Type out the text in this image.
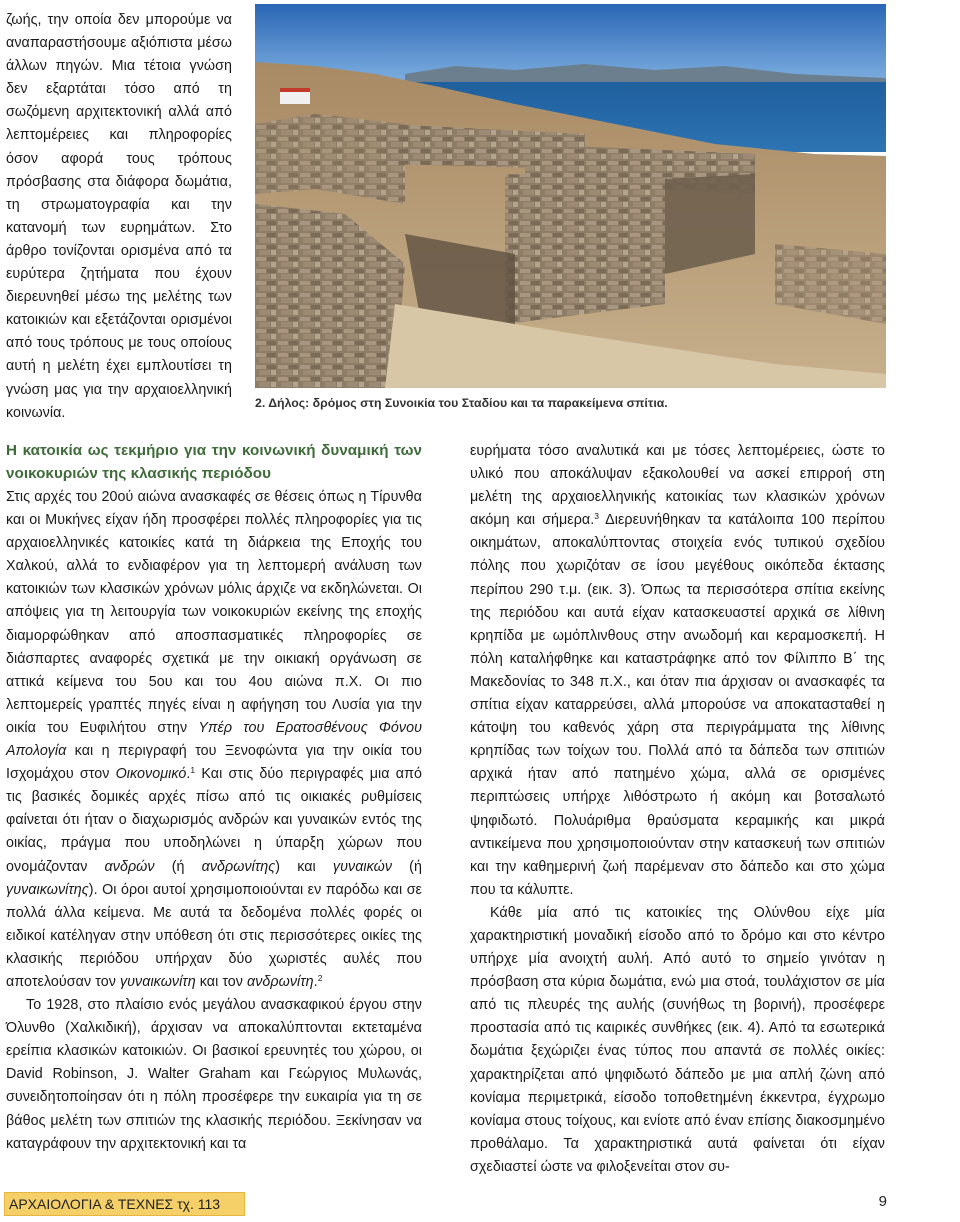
ζωής, την οποία δεν μπορούμε να αναπαραστήσουμε αξιόπιστα μέσω άλλων πηγών. Μια τέτοια γνώση δεν εξαρτάται τόσο από τη σωζόμενη αρχιτεκτονική αλλά από λεπτομέρειες και πληροφορίες όσον αφορά τους τρόπους πρόσβασης στα διάφορα δωμάτια, τη στρωματογραφία και την κατανομή των ευρημάτων. Στο άρθρο τονίζονται ορισμένα από τα ευρύτερα ζητήματα που έχουν διερευνηθεί μέσω της μελέτης των κατοικιών και εξετάζονται ορισμένοι από τους τρόπους με τους οποίους αυτή η μελέτη έχει εμπλουτίσει τη γνώση μας για την αρχαιοελληνική κοινωνία.

2. Δήλος: δρόμος στη Συνοικία του Σταδίου και τα παρακείμενα σπίτια.
Η κατοικία ως τεκμήριο για την κοινωνική δυναμική των νοικοκυριών της κλασικής περιόδου

Στις αρχές του 20ού αιώνα ανασκαφές σε θέσεις όπως η Τίρυνθα και οι Μυκήνες είχαν ήδη προσφέρει πολλές πληροφορίες για τις αρχαιοελληνικές κατοικίες κατά τη διάρκεια της Εποχής του Χαλκού, αλλά το ενδιαφέρον για τη λεπτομερή ανάλυση των κατοικιών των κλασικών χρόνων μόλις άρχιζε να εκδηλώνεται. Οι απόψεις για τη λειτουργία των νοικοκυριών εκείνης της εποχής διαμορφώθηκαν από αποσπασματικές πληροφορίες σε διάσπαρτες αναφορές σχετικά με την οικιακή οργάνωση σε αττικά κείμενα του 5ου και του 4ου αιώνα π.Χ. Οι πιο λεπτομερείς γραπτές πηγές είναι η αφήγηση του Λυσία για την οικία του Ευφιλήτου στην Υπέρ του Ερατοσθένους Φόνου Απολογία και η περιγραφή του Ξενοφώντα για την οικία του Ισχομάχου στον Οικονομικό.$^1$ Και στις δύο περιγραφές μια από τις βασικές δομικές αρχές πίσω από τις οικιακές ρυθμίσεις φαίνεται ότι ήταν ο διαχωρισμός ανδρών και γυναικών εντός της οικίας, πράγμα που υποδηλώνει η ύπαρξη χώρων που ονομάζονταν ανδρών (ή ανδρωνίτης) και γυναικών (ή γυναικωνίτης). Οι όροι αυτοί χρησιμοποιούνται εν παρόδω και σε πολλά άλλα κείμενα. Με αυτά τα δεδομένα πολλές φορές οι ειδικοί κατέληγαν στην υπόθεση ότι στις περισσότερες οικίες της κλασικής περιόδου υπήρχαν δύο χωριστές αυλές που αποτελούσαν τον γυναικωνίτη και τον ανδρωνίτη.$^2$

Το 1928, στο πλαίσιο ενός μεγάλου ανασκαφικού έργου στην Όλυνθο (Χαλκιδική), άρχισαν να αποκαλύπτονται εκτεταμένα ερείπια κλασικών κατοικιών. Οι βασικοί ερευνητές του χώρου, οι David Robinson, J. Walter Graham και Γεώργιος Μυλωνάς, συνειδητοποίησαν ότι η πόλη προσέφερε την ευκαιρία για τη σε βάθος μελέτη των σπιτιών της κλασικής περιόδου. Ξεκίνησαν να καταγράφουν την αρχιτεκτονική και τα

ευρήματα τόσο αναλυτικά και με τόσες λεπτομέρειες, ώστε το υλικό που αποκάλυψαν εξακολουθεί να ασκεί επιρροή στη μελέτη της αρχαιοελληνικής κατοικίας των κλασικών χρόνων ακόμη και σήμερα.$^3$ Διερευνήθηκαν τα κατάλοιπα 100 περίπου οικημάτων, αποκαλύπτοντας στοιχεία ενός τυπικού σχεδίου πόλης που χωριζόταν σε ίσου μεγέθους οικόπεδα έκτασης περίπου 290 τ.μ. (εικ. 3). Όπως τα περισσότερα σπίτια εκείνης της περιόδου και αυτά είχαν κατασκευαστεί αρχικά σε λίθινη κρηπίδα με ωμόπλινθους στην ανωδομή και κεραμοσκεπή. Η πόλη καταλήφθηκε και καταστράφηκε από τον Φίλιππο Β΄ της Μακεδονίας το 348 π.Χ., και όταν πια άρχισαν οι ανασκαφές τα σπίτια είχαν καταρρεύσει, αλλά μπορούσε να αποκατασταθεί η κάτοψη του καθενός χάρη στα περιγράμματα της λίθινης κρηπίδας των τοίχων του. Πολλά από τα δάπεδα των σπιτιών αρχικά ήταν από πατημένο χώμα, αλλά σε ορισμένες περιπτώσεις υπήρχε λιθόστρωτο ή ακόμη και βοτσαλωτό ψηφιδωτό. Πολυάριθμα θραύσματα κεραμικής και μικρά αντικείμενα που χρησιμοποιούνταν στην κατασκευή των σπιτιών και την καθημερινή ζωή παρέμεναν στο δάπεδο και στο χώμα που τα κάλυπτε.

Κάθε μία από τις κατοικίες της Ολύνθου είχε μία χαρακτηριστική μοναδική είσοδο από το δρόμο και στο κέντρο υπήρχε μία ανοιχτή αυλή. Από αυτό το σημείο γινόταν η πρόσβαση στα κύρια δωμάτια, ενώ μια στοά, τουλάχιστον σε μία από τις πλευρές της αυλής (συνήθως τη βορινή), προσέφερε προστασία από τις καιρικές συνθήκες (εικ. 4). Από τα εσωτερικά δωμάτια ξεχώριζει ένας τύπος που απαντά σε πολλές οικίες: χαρακτηρίζεται από ψηφιδωτό δάπεδο με μια απλή ζώνη από κονίαμα περιμετρικά, είσοδο τοποθετημένη έκκεντρα, έγχρωμο κονίαμα στους τοίχους, και ενίοτε από έναν επίσης διακοσμημένο προθάλαμο. Τα χαρακτηριστικά αυτά φαίνεται ότι είχαν σχεδιαστεί ώστε να φιλοξενείται στον συ-

ΑΡΧΑΙΟΛΟΓΙΑ & ΤΕΧΝΕΣ τχ. 113	9
